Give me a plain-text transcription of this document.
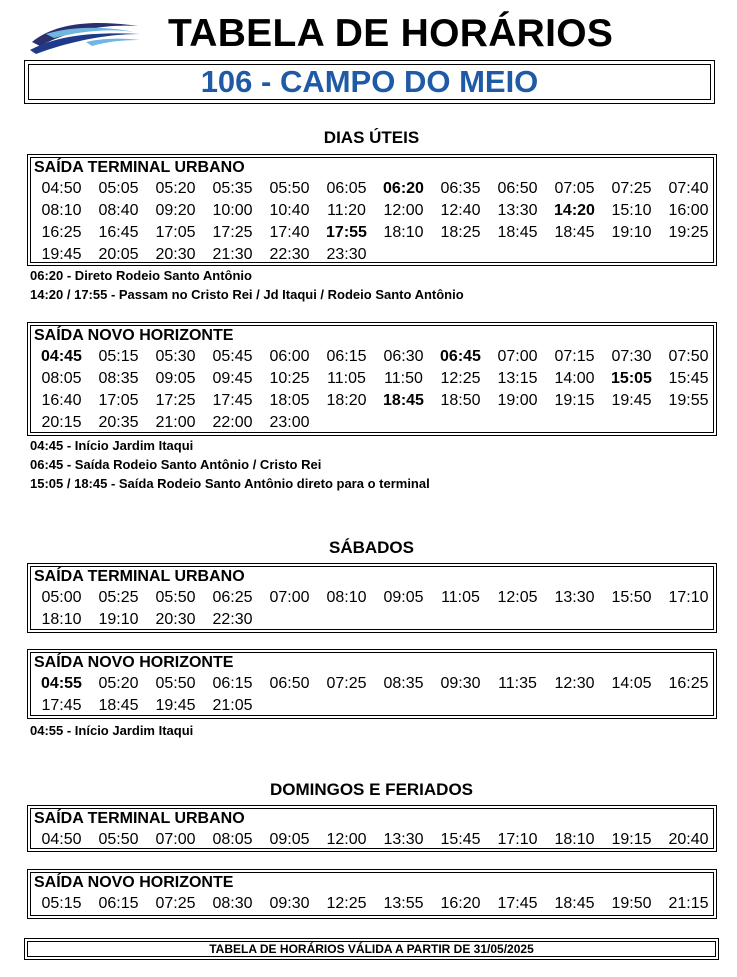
TABELA DE HORÁRIOS
106 - CAMPO DO MEIO
DIAS ÚTEIS
SAÍDA TERMINAL URBANO
04:50	05:05	05:20	05:35	05:50	06:05	06:20	06:35	06:50	07:05	07:25	07:40
08:10	08:40	09:20	10:00	10:40	11:20	12:00	12:40	13:30	14:20	15:10	16:00
16:25	16:45	17:05	17:25	17:40	17:55	18:10	18:25	18:45	18:45	19:10	19:25
19:45	20:05	20:30	21:30	22:30	23:30
06:20 - Direto Rodeio Santo Antônio
14:20 / 17:55 - Passam no Cristo Rei / Jd Itaqui / Rodeio Santo Antônio
SAÍDA NOVO HORIZONTE
04:45	05:15	05:30	05:45	06:00	06:15	06:30	06:45	07:00	07:15	07:30	07:50
08:05	08:35	09:05	09:45	10:25	11:05	11:50	12:25	13:15	14:00	15:05	15:45
16:40	17:05	17:25	17:45	18:05	18:20	18:45	18:50	19:00	19:15	19:45	19:55
20:15	20:35	21:00	22:00	23:00
04:45 - Início Jardim Itaqui
06:45 - Saída Rodeio Santo Antônio / Cristo Rei
15:05 / 18:45 - Saída Rodeio Santo Antônio direto para o terminal
SÁBADOS
SAÍDA TERMINAL URBANO
05:00	05:25	05:50	06:25	07:00	08:10	09:05	11:05	12:05	13:30	15:50	17:10
18:10	19:10	20:30	22:30
SAÍDA NOVO HORIZONTE
04:55	05:20	05:50	06:15	06:50	07:25	08:35	09:30	11:35	12:30	14:05	16:25
17:45	18:45	19:45	21:05
04:55 - Início Jardim Itaqui
DOMINGOS E FERIADOS
SAÍDA TERMINAL URBANO
04:50	05:50	07:00	08:05	09:05	12:00	13:30	15:45	17:10	18:10	19:15	20:40
SAÍDA NOVO HORIZONTE
05:15	06:15	07:25	08:30	09:30	12:25	13:55	16:20	17:45	18:45	19:50	21:15
TABELA DE HORÁRIOS VÁLIDA A PARTIR DE 31/05/2025
